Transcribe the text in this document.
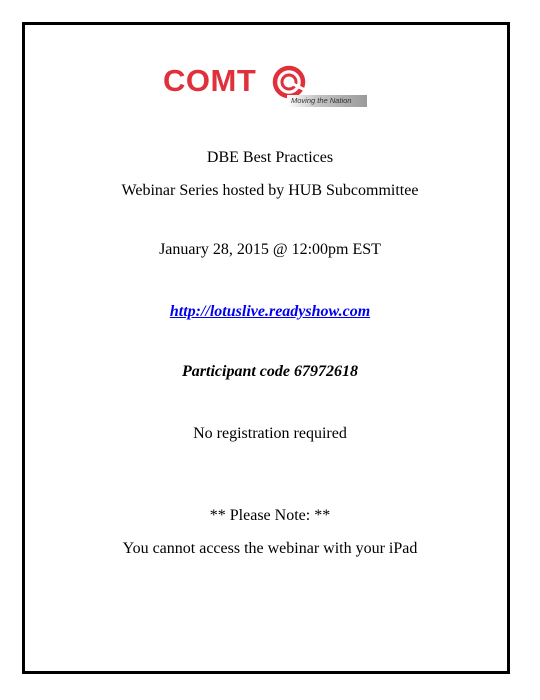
COMT
Moving the Nation
DBE Best Practices
Webinar Series hosted by HUB Subcommittee
January 28, 2015 @ 12:00pm EST
http://lotuslive.readyshow.com
Participant code 67972618
No registration required
** Please Note: **
You cannot access the webinar with your iPad
